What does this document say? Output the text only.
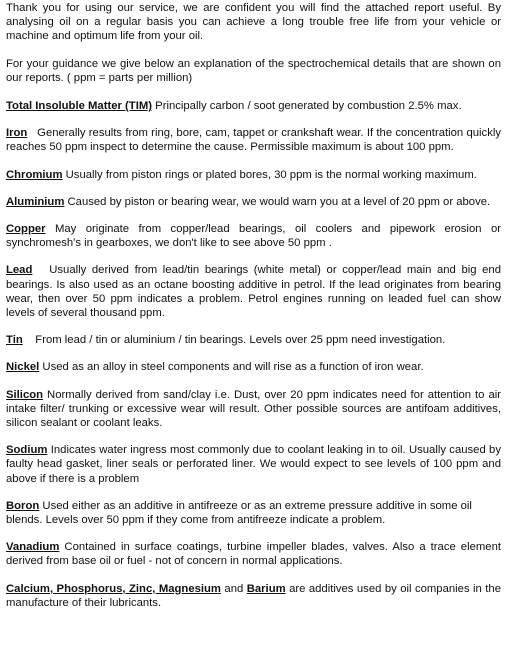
Thank you for using our service, we are confident you will find the attached report useful. By analysing oil on a regular basis you can achieve a long trouble free life from your vehicle or machine and optimum life from your oil.

For your guidance we give below an explanation of the spectrochemical details that are shown on our reports. ( ppm = parts per million)

Total Insoluble Matter (TIM) Principally carbon / soot generated by combustion 2.5% max.

Iron   Generally results from ring, bore, cam, tappet or crankshaft wear. If the concentration quickly reaches 50 ppm inspect to determine the cause. Permissible maximum is about 100 ppm.

Chromium Usually from piston rings or plated bores, 30 ppm is the normal working maximum.

Aluminium Caused by piston or bearing wear, we would warn you at a level of 20 ppm or above.

Copper May originate from copper/lead bearings, oil coolers and pipework erosion or synchromesh's in gearboxes, we don't like to see above 50 ppm .

Lead   Usually derived from lead/tin bearings (white metal) or copper/lead main and big end bearings. Is also used as an octane boosting additive in petrol. If the lead originates from bearing wear, then over 50 ppm indicates a problem. Petrol engines running on leaded fuel can show levels of several thousand ppm.

Tin    From lead / tin or aluminium / tin bearings. Levels over 25 ppm need investigation.

Nickel Used as an alloy in steel components and will rise as a function of iron wear.

Silicon Normally derived from sand/clay i.e. Dust, over 20 ppm indicates need for attention to air intake filter/ trunking or excessive wear will result. Other possible sources are antifoam additives, silicon sealant or coolant leaks.

Sodium Indicates water ingress most commonly due to coolant leaking in to oil. Usually caused by faulty head gasket, liner seals or perforated liner. We would expect to see levels of 100 ppm and above if there is a problem

Boron Used either as an additive in antifreeze or as an extreme pressure additive in some oil blends. Levels over 50 ppm if they come from antifreeze indicate a problem.

Vanadium Contained in surface coatings, turbine impeller blades, valves. Also a trace element derived from base oil or fuel - not of concern in normal applications.

Calcium, Phosphorus, Zinc, Magnesium and Barium are additives used by oil companies in the manufacture of their lubricants.
